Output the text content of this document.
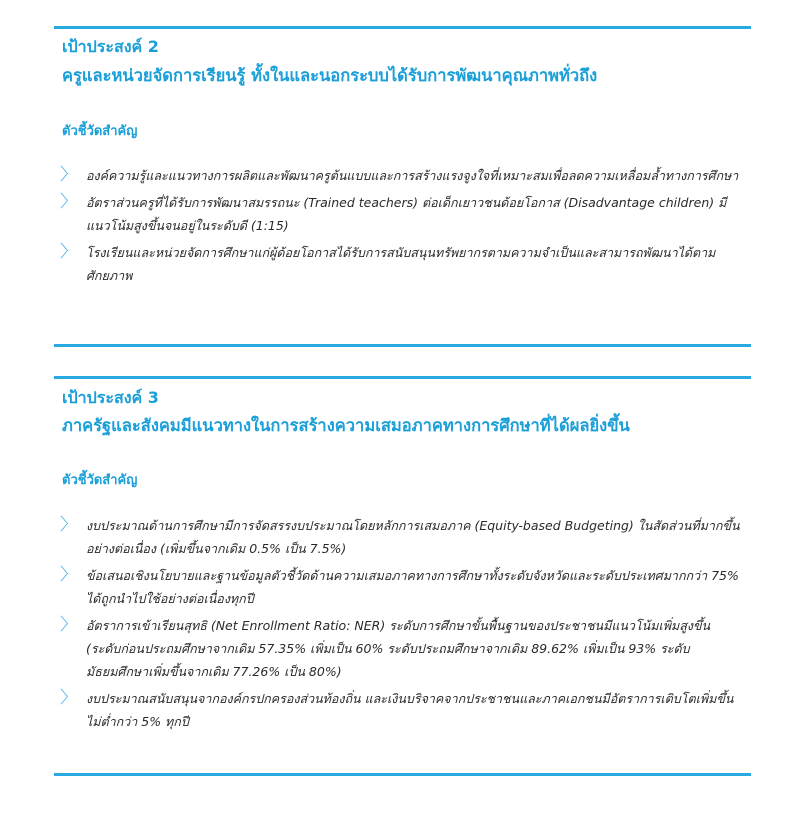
เป้าประสงค์ 2
ครูและหน่วยจัดการเรียนรู้ ทั้งในและนอกระบบได้รับการพัฒนาคุณภาพทั่วถึง
ตัวชี้วัดสำคัญ
〉 องค์ความรู้และแนวทางการผลิตและพัฒนาครูต้นแบบและการสร้างแรงจูงใจที่เหมาะสมเพื่อลดความเหลื่อมล้ำทางการศึกษา
〉 อัตราส่วนครูที่ได้รับการพัฒนาสมรรถนะ (Trained teachers) ต่อเด็กเยาวชนด้อยโอกาส (Disadvantage children) มีแนวโน้มสูงขึ้นจนอยู่ในระดับดี (1:15)
〉 โรงเรียนและหน่วยจัดการศึกษาแก่ผู้ด้อยโอกาสได้รับการสนับสนุนทรัพยากรตามความจำเป็นและสามารถพัฒนาได้ตามศักยภาพ
เป้าประสงค์ 3
ภาครัฐและสังคมมีแนวทางในการสร้างความเสมอภาคทางการศึกษาที่ได้ผลยิ่งขึ้น
ตัวชี้วัดสำคัญ
〉 งบประมาณด้านการศึกษามีการจัดสรรงบประมาณโดยหลักการเสมอภาค (Equity-based Budgeting) ในสัดส่วนที่มากขึ้นอย่างต่อเนื่อง (เพิ่มขึ้นจากเดิม 0.5% เป็น 7.5%)
〉 ข้อเสนอเชิงนโยบายและฐานข้อมูลตัวชี้วัดด้านความเสมอภาคทางการศึกษาทั้งระดับจังหวัดและระดับประเทศมากกว่า 75% ได้ถูกนำไปใช้อย่างต่อเนื่องทุกปี
〉 อัตราการเข้าเรียนสุทธิ (Net Enrollment Ratio: NER) ระดับการศึกษาขั้นพื้นฐานของประชาชนมีแนวโน้มเพิ่มสูงขึ้น (ระดับก่อนประถมศึกษาจากเดิม 57.35% เพิ่มเป็น 60% ระดับประถมศึกษาจากเดิม 89.62% เพิ่มเป็น 93% ระดับมัธยมศึกษาเพิ่มขึ้นจากเดิม 77.26% เป็น 80%)
〉 งบประมาณสนับสนุนจากองค์กรปกครองส่วนท้องถิ่น และเงินบริจาคจากประชาชนและภาคเอกชนมีอัตราการเติบโตเพิ่มขึ้นไม่ต่ำกว่า 5% ทุกปี
